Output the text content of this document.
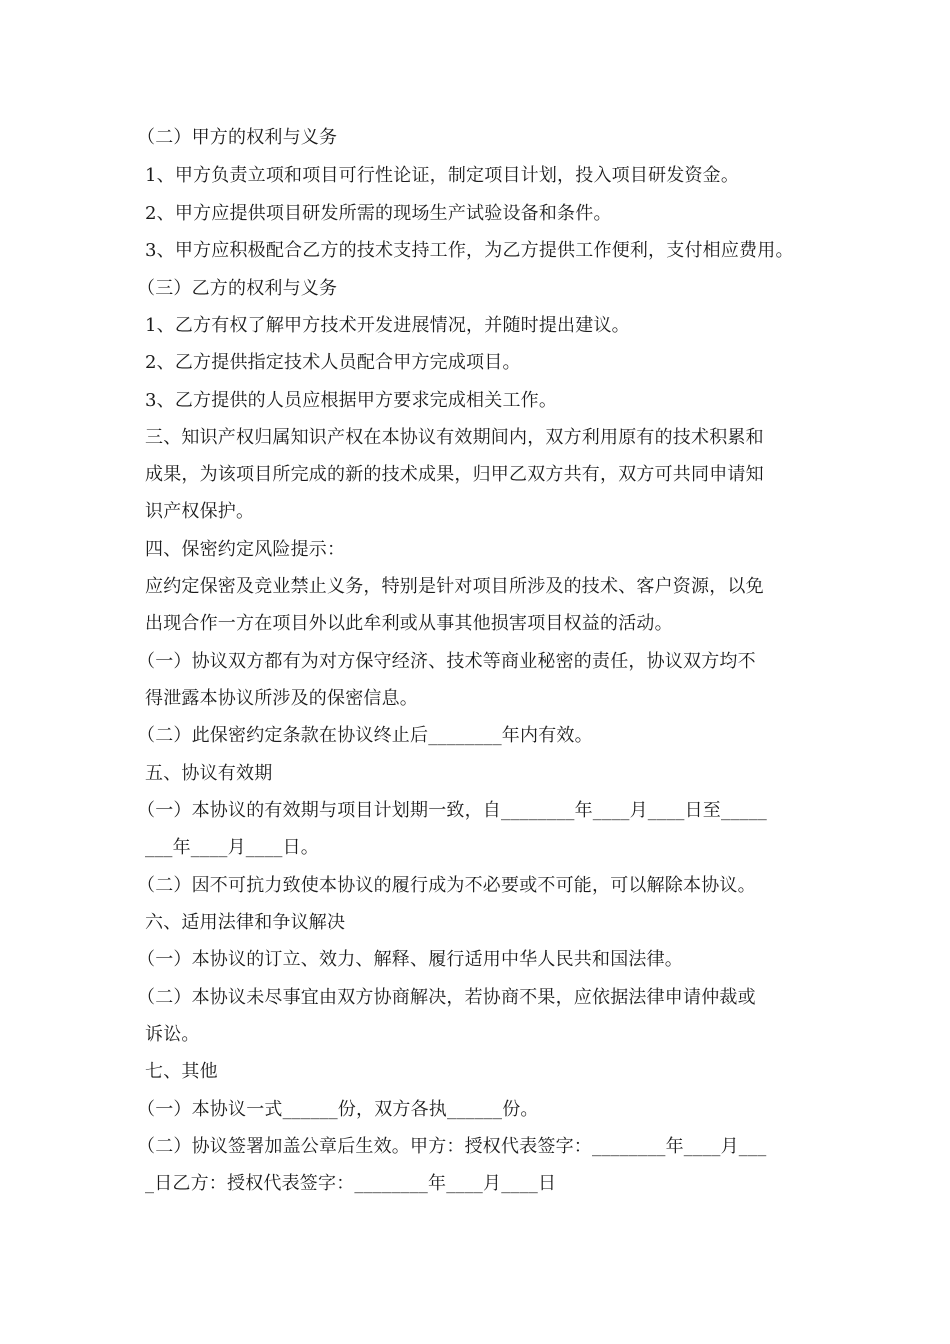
（二）甲方的权利与义务
1、甲方负责立项和项目可行性论证，制定项目计划，投入项目研发资金。
2、甲方应提供项目研发所需的现场生产试验设备和条件。
3、甲方应积极配合乙方的技术支持工作，为乙方提供工作便利，支付相应费用。
（三）乙方的权利与义务
1、乙方有权了解甲方技术开发进展情况，并随时提出建议。
2、乙方提供指定技术人员配合甲方完成项目。
3、乙方提供的人员应根据甲方要求完成相关工作。
三、知识产权归属知识产权在本协议有效期间内，双方利用原有的技术积累和
成果，为该项目所完成的新的技术成果，归甲乙双方共有，双方可共同申请知
识产权保护。
四、保密约定风险提示：
应约定保密及竞业禁止义务，特别是针对项目所涉及的技术、客户资源，以免
出现合作一方在项目外以此牟利或从事其他损害项目权益的活动。
（一）协议双方都有为对方保守经济、技术等商业秘密的责任，协议双方均不
得泄露本协议所涉及的保密信息。
（二）此保密约定条款在协议终止后________年内有效。
五、协议有效期
（一）本协议的有效期与项目计划期一致，自________年____月____日至_____
___年____月____日。
（二）因不可抗力致使本协议的履行成为不必要或不可能，可以解除本协议。
六、适用法律和争议解决
（一）本协议的订立、效力、解释、履行适用中华人民共和国法律。
（二）本协议未尽事宜由双方协商解决，若协商不果，应依据法律申请仲裁或
诉讼。
七、其他
（一）本协议一式______份，双方各执______份。
（二）协议签署加盖公章后生效。甲方：授权代表签字：________年____月___
_日乙方：授权代表签字：________年____月____日
